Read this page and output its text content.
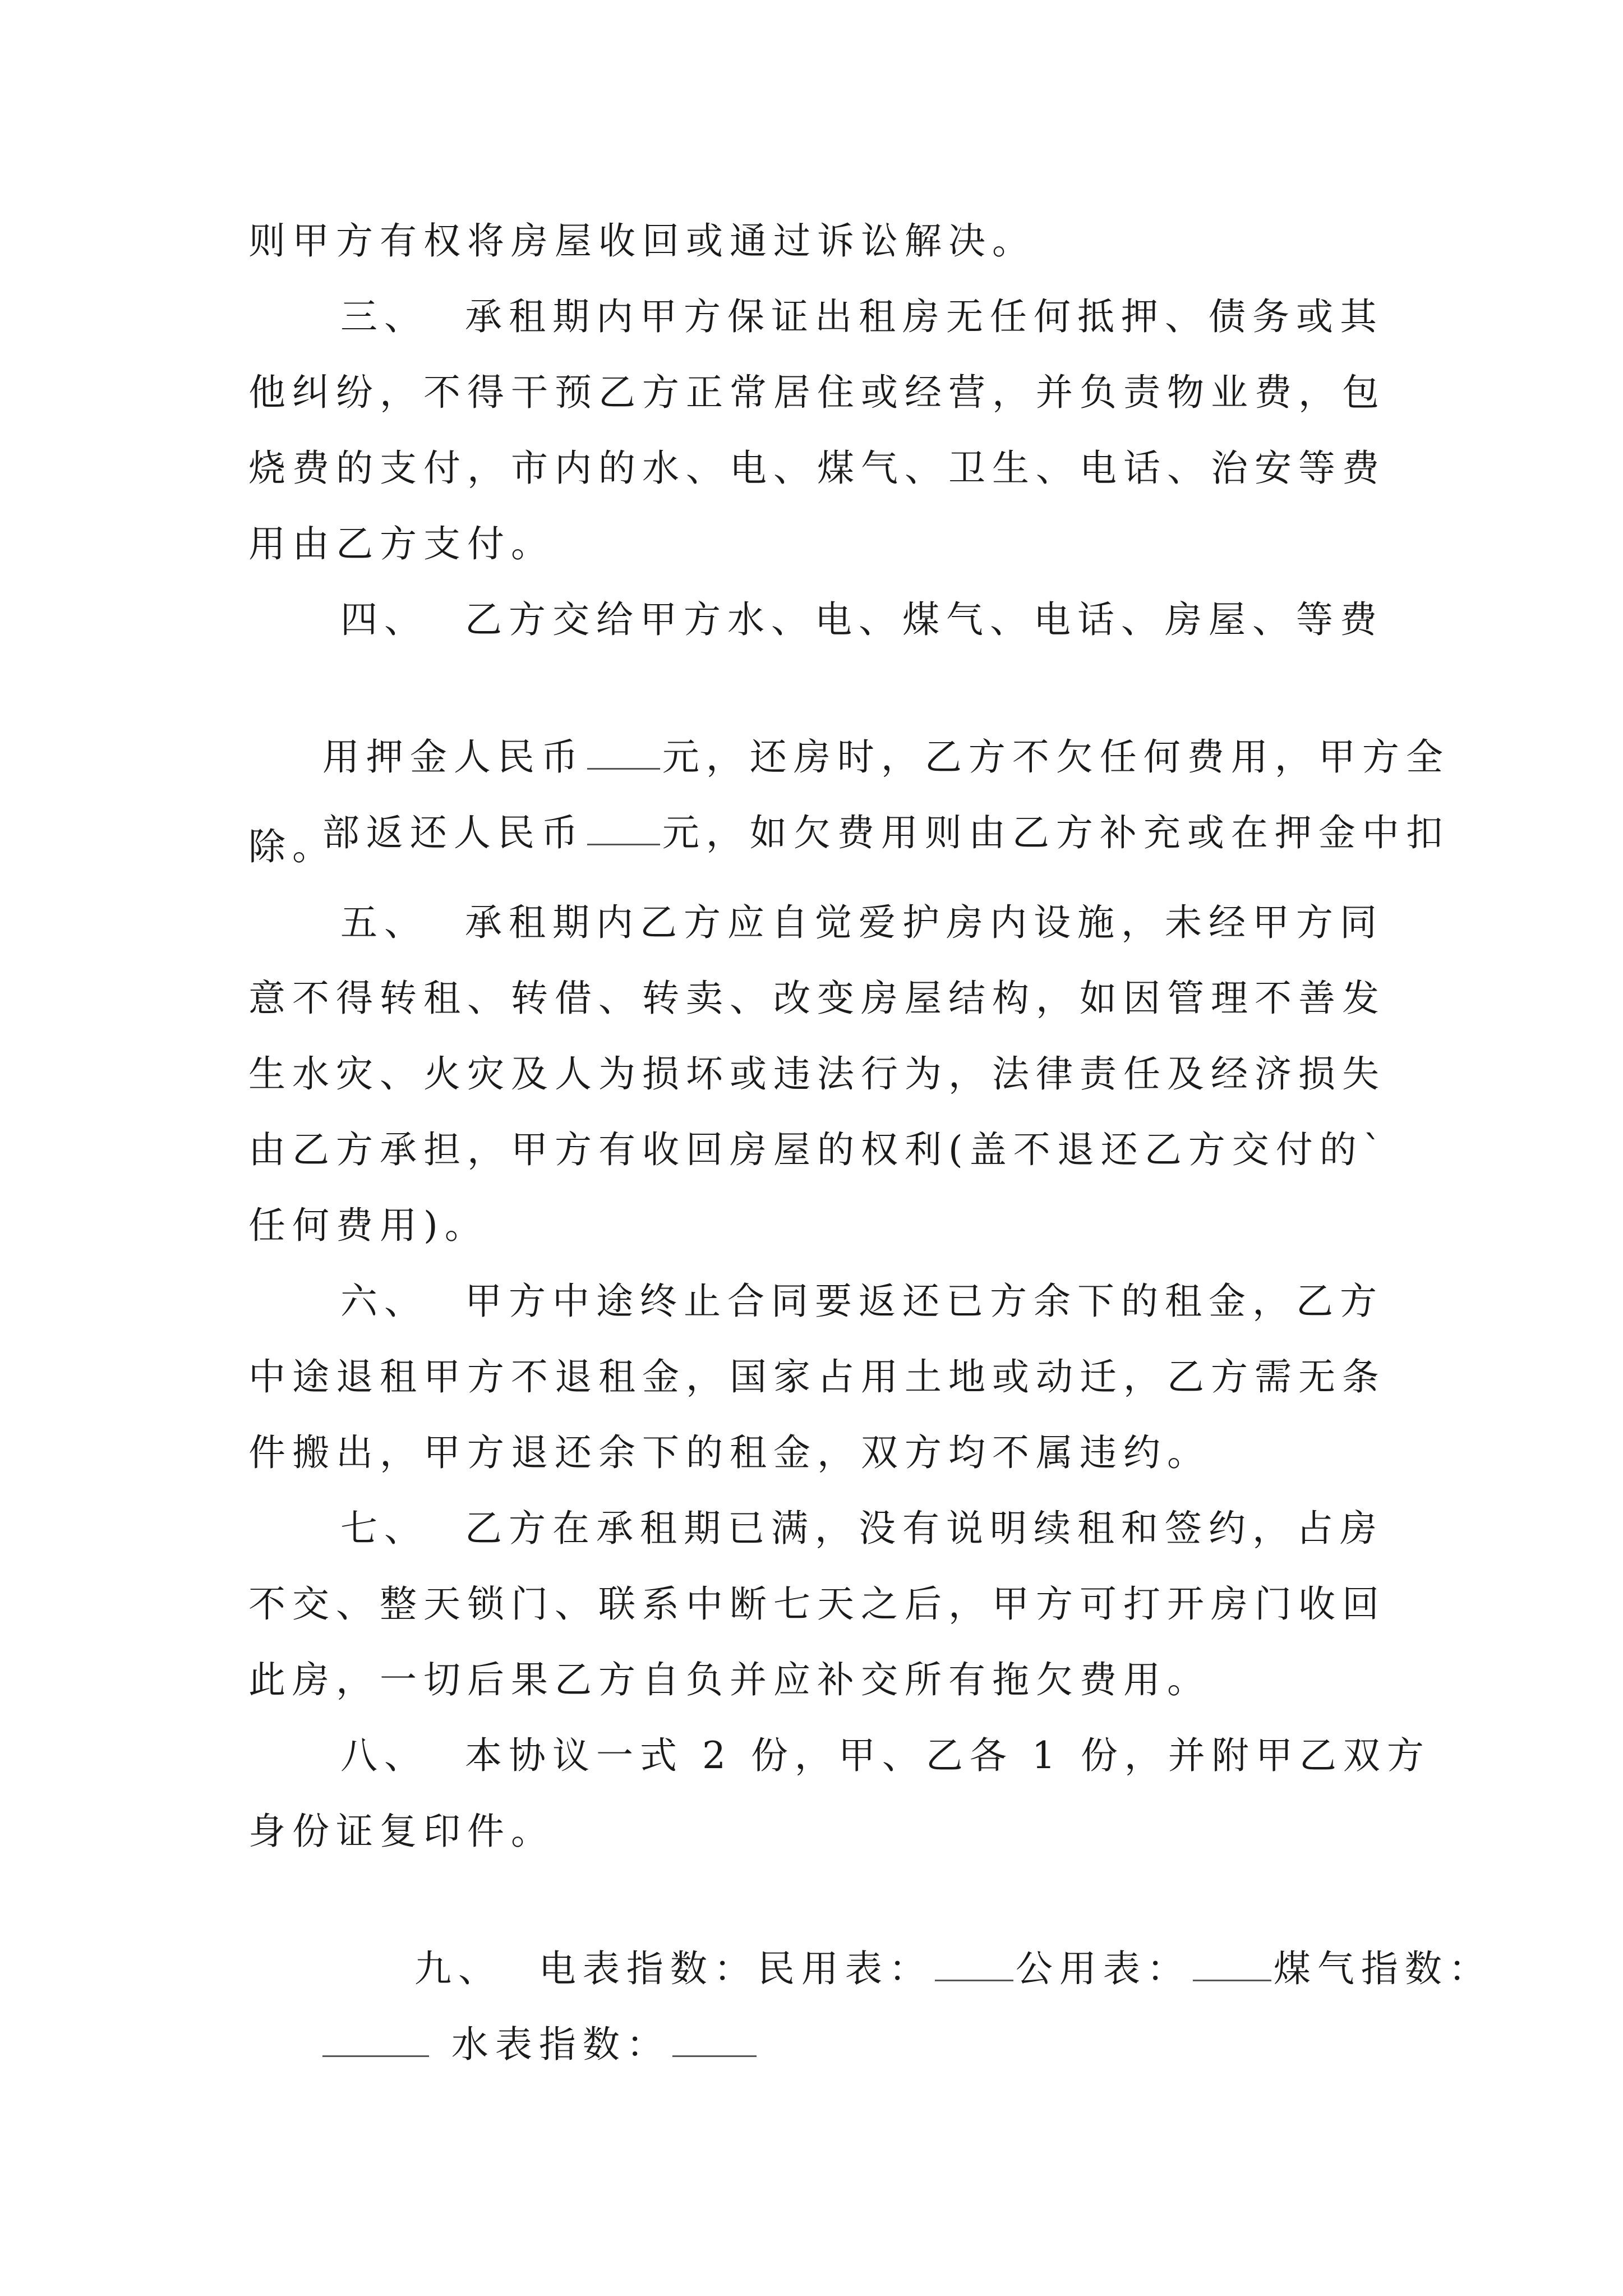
则甲方有权将房屋收回或通过诉讼解决。
三、  承租期内甲方保证出租房无任何抵押、债务或其
他纠纷，不得干预乙方正常居住或经营，并负责物业费，包
烧费的支付，市内的水、电、煤气、卫生、电话、治安等费
用由乙方支付。
四、  乙方交给甲方水、电、煤气、电话、房屋、等费

用押金人民币 元，还房时，乙方不欠任何费用，甲方全

部返还人民币 元，如欠费用则由乙方补充或在押金中扣

除。
五、  承租期内乙方应自觉爱护房内设施，未经甲方同
意不得转租、转借、转卖、改变房屋结构，如因管理不善发
生水灾、火灾及人为损坏或违法行为，法律责任及经济损失
由乙方承担，甲方有收回房屋的权利(盖不退还乙方交付的`
任何费用)。
六、  甲方中途终止合同要返还已方余下的租金，乙方
中途退租甲方不退租金，国家占用土地或动迁，乙方需无条
件搬出，甲方退还余下的租金，双方均不属违约。
七、  乙方在承租期已满，没有说明续租和签约，占房
不交、整天锁门、联系中断七天之后，甲方可打开房门收回
此房，一切后果乙方自负并应补交所有拖欠费用。
八、  本协议一式 2 份，甲、乙各 1 份，并附甲乙双方
身份证复印件。

九、  电表指数：民用表： 公用表： 煤气指数：

水表指数：
